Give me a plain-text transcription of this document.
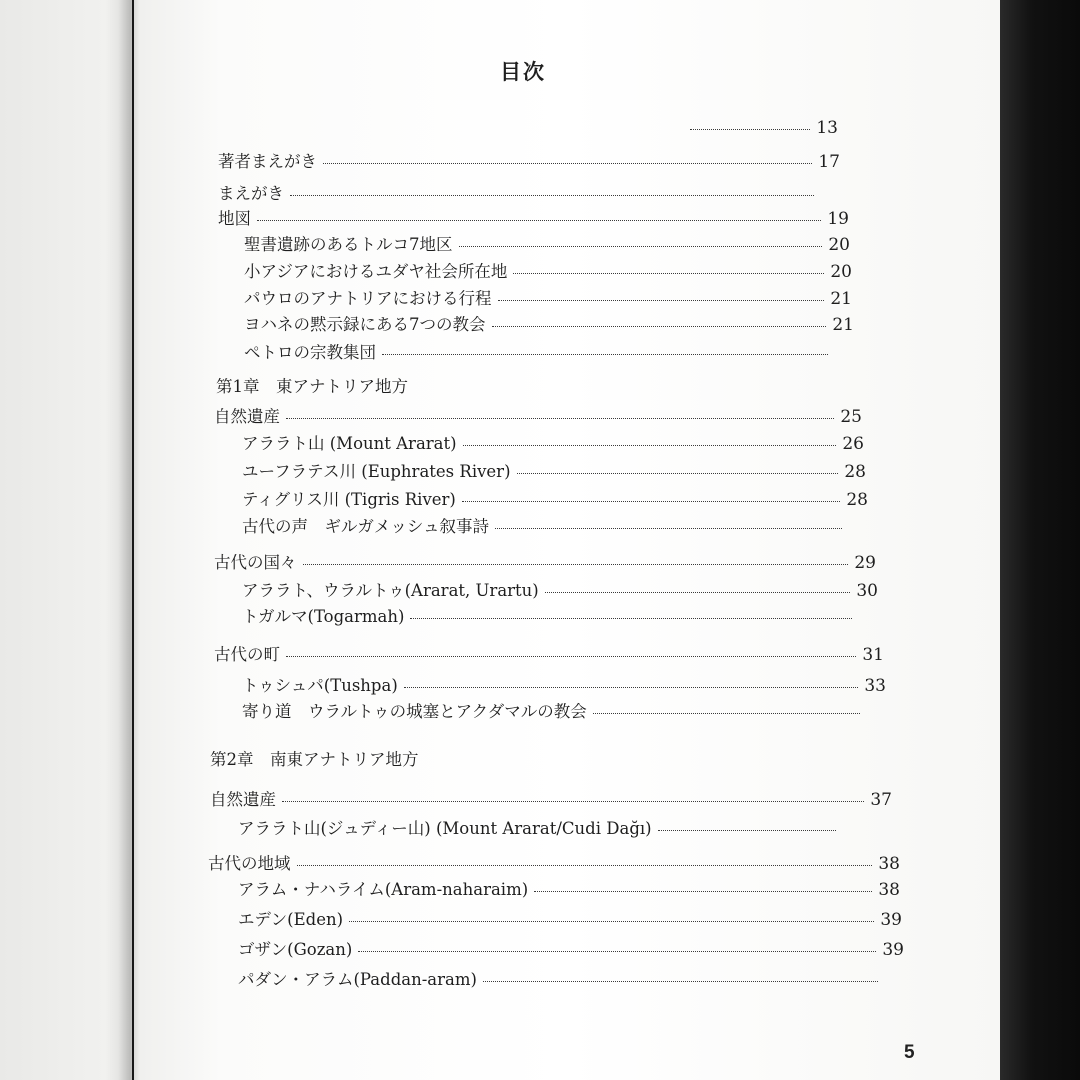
目次
13
著者まえがき	17
まえがき
地図	19
聖書遺跡のあるトルコ7地区	20
小アジアにおけるユダヤ社会所在地	20
パウロのアナトリアにおける行程	21
ヨハネの黙示録にある7つの教会	21
ペトロの宗教集団
第1章　東アナトリア地方
自然遺産	25
アララト山 (Mount Ararat)	26
ユーフラテス川 (Euphrates River)	28
ティグリス川 (Tigris River)	28
古代の声　ギルガメッシュ叙事詩
古代の国々	29
アララト、ウラルトゥ(Ararat, Urartu)	30
トガルマ(Togarmah)
古代の町	31
トゥシュパ(Tushpa)	33
寄り道　ウラルトゥの城塞とアクダマルの教会
第2章　南東アナトリア地方
自然遺産	37
アララト山(ジュディー山) (Mount Ararat/Cudi Dağı)
古代の地域	38
アラム・ナハライム(Aram-naharaim)	38
エデン(Eden)	39
ゴザン(Gozan)	39
パダン・アラム(Paddan-aram)
5
